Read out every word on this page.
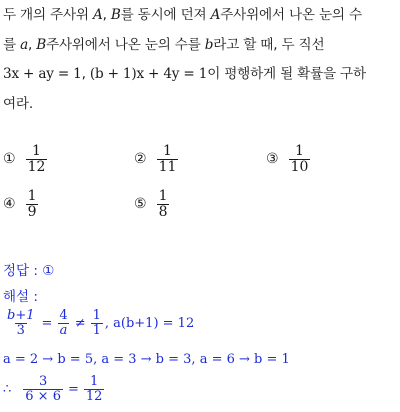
두 개의 주사위 A, B를 동시에 던져 A주사위에서 나온 눈의 수
를 a, B주사위에서 나온 눈의 수를 b라고 할 때, 두 직선
3x + ay = 1, (b + 1)x + 4y = 1이 평행하게 될 확률을 구하
여라.
① $\frac{1}{12}$	② $\frac{1}{11}$	③ $\frac{1}{10}$
④ $\frac{1}{9}$	⑤ $\frac{1}{8}$
정답 : ①
해설 :
$\frac{b+1}{3} = \frac{4}{a} \ne \frac{1}{1}$ , a(b+1) = 12
a = 2 → b = 5, a = 3 → b = 3, a = 6 → b = 1
∴ $\frac{3}{6 \times 6} = \frac{1}{12}$
